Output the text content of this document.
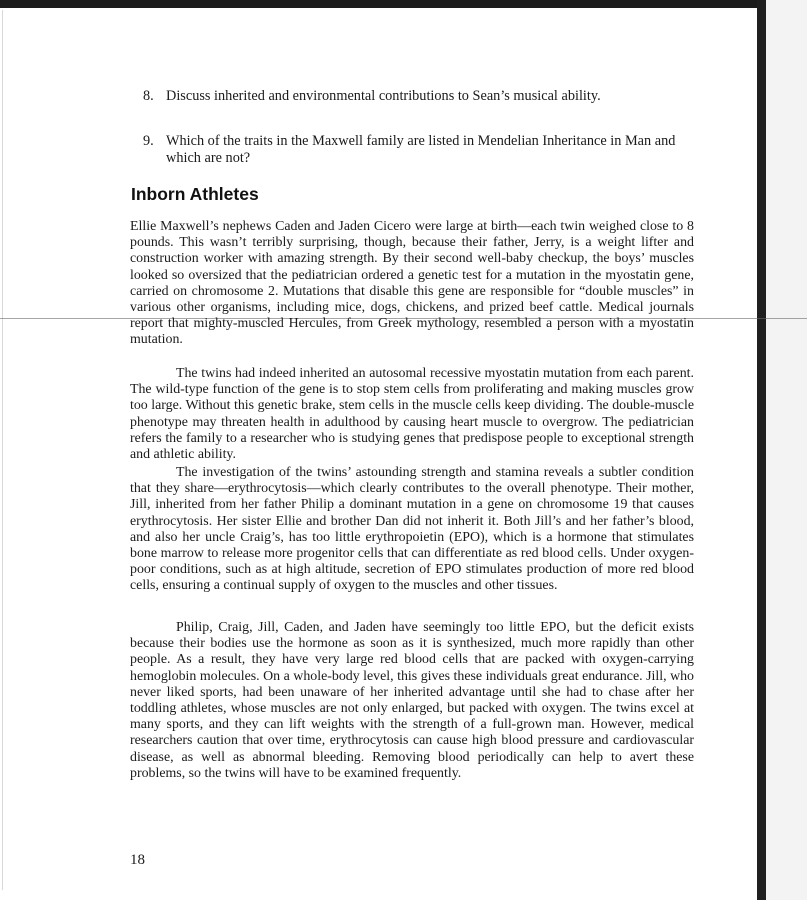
8. Discuss inherited and environmental contributions to Sean’s musical ability.
9. Which of the traits in the Maxwell family are listed in Mendelian Inheritance in Man and which are not?
Inborn Athletes

Ellie Maxwell’s nephews Caden and Jaden Cicero were large at birth—each twin weighed close to 8 pounds. This wasn’t terribly surprising, though, because their father, Jerry, is a weight lifter and construction worker with amazing strength. By their second well-baby checkup, the boys’ muscles looked so oversized that the pediatrician ordered a genetic test for a mutation in the myostatin gene, carried on chromosome 2. Mutations that disable this gene are responsible for “double muscles” in various other organisms, including mice, dogs, chickens, and prized beef cattle. Medical journals report that mighty-muscled Hercules, from Greek mythology, resembled a person with a myostatin mutation.

The twins had indeed inherited an autosomal recessive myostatin mutation from each parent. The wild-type function of the gene is to stop stem cells from proliferating and making muscles grow too large. Without this genetic brake, stem cells in the muscle cells keep dividing. The double-muscle phenotype may threaten health in adulthood by causing heart muscle to overgrow. The pediatrician refers the family to a researcher who is studying genes that predispose people to exceptional strength and athletic ability.

The investigation of the twins’ astounding strength and stamina reveals a subtler condition that they share—erythrocytosis—which clearly contributes to the overall phenotype. Their mother, Jill, inherited from her father Philip a dominant mutation in a gene on chromosome 19 that causes erythrocytosis. Her sister Ellie and brother Dan did not inherit it. Both Jill’s and her father’s blood, and also her uncle Craig’s, has too little erythropoietin (EPO), which is a hormone that stimulates bone marrow to release more progenitor cells that can differentiate as red blood cells. Under oxygen-poor conditions, such as at high altitude, secretion of EPO stimulates production of more red blood cells, ensuring a continual supply of oxygen to the muscles and other tissues.

Philip, Craig, Jill, Caden, and Jaden have seemingly too little EPO, but the deficit exists because their bodies use the hormone as soon as it is synthesized, much more rapidly than other people. As a result, they have very large red blood cells that are packed with oxygen-carrying hemoglobin molecules. On a whole-body level, this gives these individuals great endurance. Jill, who never liked sports, had been unaware of her inherited advantage until she had to chase after her toddling athletes, whose muscles are not only enlarged, but packed with oxygen. The twins excel at many sports, and they can lift weights with the strength of a full-grown man. However, medical researchers caution that over time, erythrocytosis can cause high blood pressure and cardiovascular disease, as well as abnormal bleeding. Removing blood periodically can help to avert these problems, so the twins will have to be examined frequently.

18
